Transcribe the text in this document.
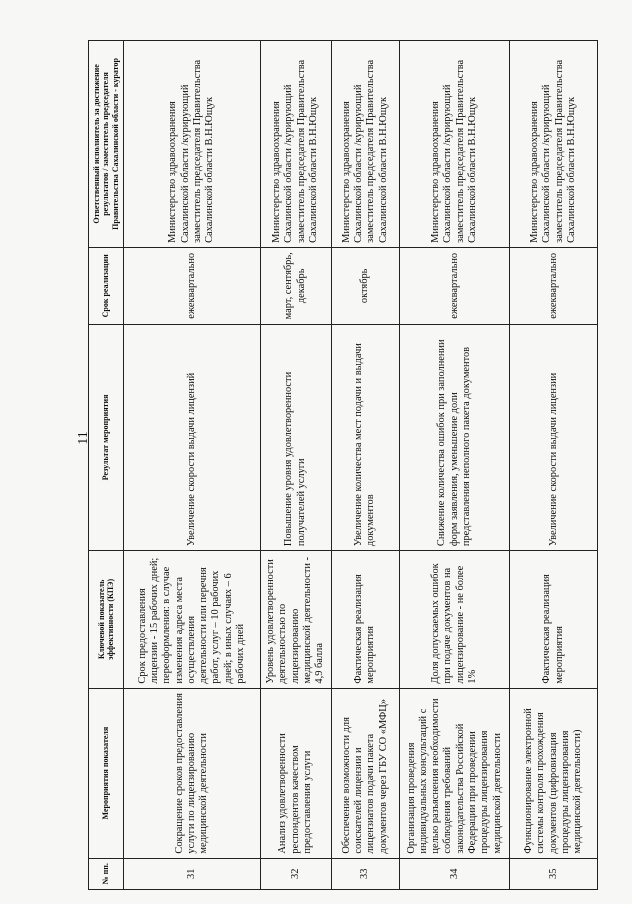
11
№ пп.	Мероприятия показателя	Ключевой показатель эффективности (КПЭ)	Результат мероприятия	Срок реализации	Ответственный исполнитель за достижение результатов / заместитель председателя Правительства Сахалинской области - куратор
31	Сокращение сроков предоставления услуги по лицензированию медицинской деятельности	Срок предоставления лицензии - 15 рабочих дней; переоформления: в случае изменения адреса места осуществления деятельности или перечня работ, услуг – 10 рабочих дней; в иных случаях – 6 рабочих дней	Увеличение скорости выдачи лицензий	ежеквартально	Министерство здравоохранения Сахалинской области /курирующий заместитель председателя Правительства Сахалинской области В.Н.Ющук
32	Анализ удовлетворенности респондентов качеством предоставления услуги	Уровень удовлетворенности деятельностью по лицензированию медицинской деятельности - 4,9 балла	Повышение уровня удовлетворенности получателей услуги	март, сентябрь, декабрь	Министерство здравоохранения Сахалинской области /курирующий заместитель председателя Правительства Сахалинской области В.Н.Ющук
33	Обеспечение возможности для соискателей лицензии и лицензиатов подачи пакета документов через ГБУ СО «МФЦ»	Фактическая реализация мероприятия	Увеличение количества мест подачи и выдачи документов	октябрь	Министерство здравоохранения Сахалинской области /курирующий заместитель председателя Правительства Сахалинской области В.Н.Ющук
34	Организация проведения индивидуальных консультаций с целью разъяснения необходимости соблюдения требований законодательства Российской Федерации при проведении процедуры лицензирования медицинской деятельности	Доля допускаемых ошибок при подаче документов на лицензирование - не более 1%	Снижение количества ошибок при заполнении форм заявления, уменьшение доли представления неполного пакета документов	ежеквартально	Министерство здравоохранения Сахалинской области /курирующий заместитель председателя Правительства Сахалинской области В.Н.Ющук
35	Функционирование электронной системы контроля прохождения документов (цифровизация процедуры лицензирования медицинской деятельности)	Фактическая реализация мероприятия	Увеличение скорости выдачи лицензии	ежеквартально	Министерство здравоохранения Сахалинской области /курирующий заместитель председателя Правительства Сахалинской области В.Н.Ющук
